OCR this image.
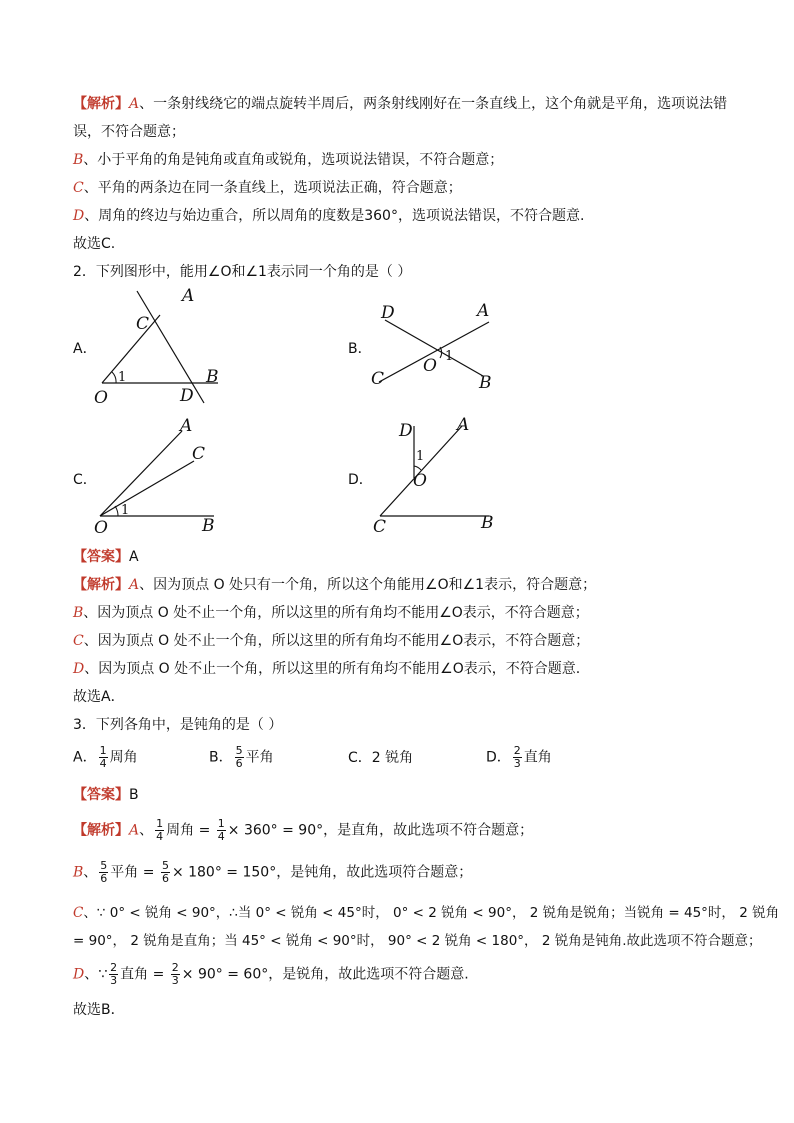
【解析】A、一条射线绕它的端点旋转半周后，两条射线刚好在一条直线上，这个角就是平角，选项说法错
误，不符合题意；
B、小于平角的角是钝角或直角或锐角，选项说法错误，不符合题意；
C、平角的两条边在同一条直线上，选项说法正确，符合题意；
D、周角的终边与始边重合，所以周角的度数是360°，选项说法错误，不符合题意.
故选C.
2．下列图形中，能用∠O和∠1表示同一个角的是（ ）
A．
A
C
O	D
B
1
B．
D	A
O
C	B
1
C．
A
C
O	B
1
D．
D	A
O
C	B
1
【答案】A
【解析】A、因为顶点 O 处只有一个角，所以这个角能用∠O和∠1表示，符合题意；
B、因为顶点 O 处不止一个角，所以这里的所有角均不能用∠O表示，不符合题意；
C、因为顶点 O 处不止一个角，所以这里的所有角均不能用∠O表示，不符合题意；
D、因为顶点 O 处不止一个角，所以这里的所有角均不能用∠O表示，不符合题意.
故选A．
3．下列各角中，是钝角的是（ ）
A． $\frac{1}{4}$ 周角	B． $\frac{5}{6}$ 平角	C．2 锐角	D． $\frac{2}{3}$ 直角
【答案】B
【解析】A、 $\frac{1}{4}$ 周角 = $\frac{1}{4} \times 360^\circ = 90^\circ$，是直角，故此选项不符合题意；
B、 $\frac{5}{6}$ 平角 = $\frac{5}{6} \times 180^\circ = 150^\circ$，是钝角，故此选项符合题意；
C、∵ 0° < 锐角 < 90°，∴当 0° < 锐角 < 45°时， 0° < 2 锐角 < 90°， 2 锐角是锐角；当锐角 = 45°时， 2 锐角
= 90°， 2 锐角是直角；当 45° < 锐角 < 90°时， 90° < 2 锐角 < 180°， 2 锐角是钝角.故此选项不符合题意；
D、∵ $\frac{2}{3}$ 直角 = $\frac{2}{3} \times 90^\circ = 60^\circ$，是锐角，故此选项不符合题意.
故选B．
